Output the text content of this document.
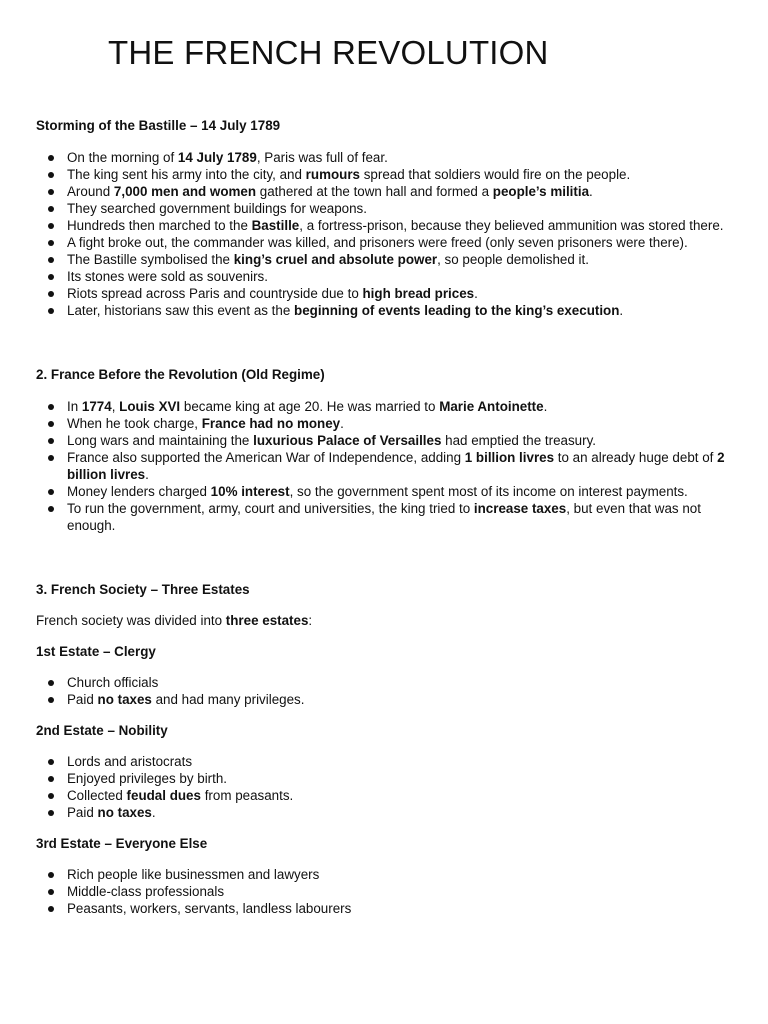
THE FRENCH REVOLUTION

Storming of the Bastille – 14 July 1789

On the morning of 14 July 1789, Paris was full of fear.
The king sent his army into the city, and rumours spread that soldiers would fire on the people.
Around 7,000 men and women gathered at the town hall and formed a people’s militia.
They searched government buildings for weapons.
Hundreds then marched to the Bastille, a fortress-prison, because they believed ammunition was stored there.
A fight broke out, the commander was killed, and prisoners were freed (only seven prisoners were there).
The Bastille symbolised the king’s cruel and absolute power, so people demolished it.
Its stones were sold as souvenirs.
Riots spread across Paris and countryside due to high bread prices.
Later, historians saw this event as the beginning of events leading to the king’s execution.

2. France Before the Revolution (Old Regime)

In 1774, Louis XVI became king at age 20. He was married to Marie Antoinette.
When he took charge, France had no money.
Long wars and maintaining the luxurious Palace of Versailles had emptied the treasury.
France also supported the American War of Independence, adding 1 billion livres to an already huge debt of 2 billion livres.
Money lenders charged 10% interest, so the government spent most of its income on interest payments.
To run the government, army, court and universities, the king tried to increase taxes, but even that was not enough.

3. French Society – Three Estates

French society was divided into three estates:

1st Estate – Clergy

Church officials
Paid no taxes and had many privileges.

2nd Estate – Nobility

Lords and aristocrats
Enjoyed privileges by birth.
Collected feudal dues from peasants.
Paid no taxes.

3rd Estate – Everyone Else

Rich people like businessmen and lawyers
Middle-class professionals
Peasants, workers, servants, landless labourers
